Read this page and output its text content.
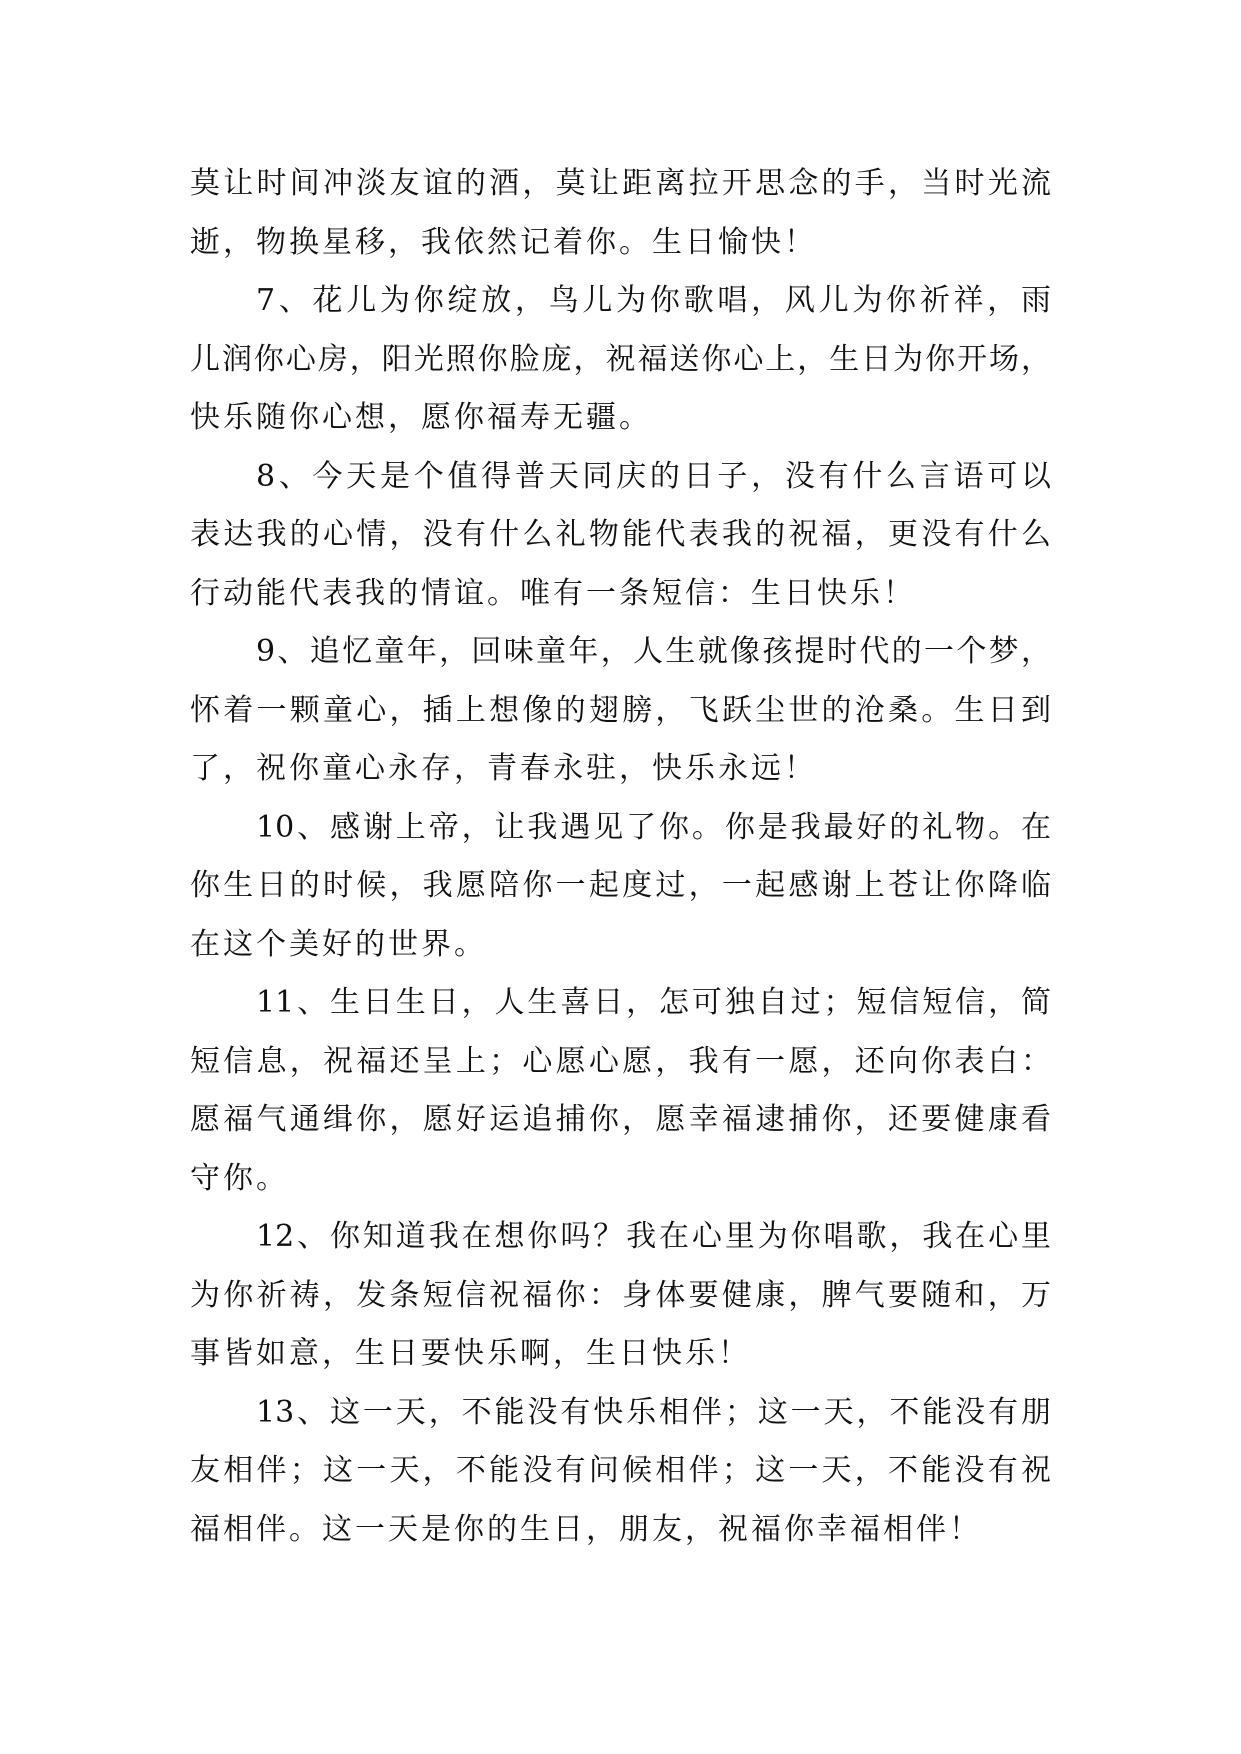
莫让时间冲淡友谊的酒，莫让距离拉开思念的手，当时光流
逝，物换星移，我依然记着你。生日愉快！
7、花儿为你绽放，鸟儿为你歌唱，风儿为你祈祥，雨
儿润你心房，阳光照你脸庞，祝福送你心上，生日为你开场，
快乐随你心想，愿你福寿无疆。
8、今天是个值得普天同庆的日子，没有什么言语可以
表达我的心情，没有什么礼物能代表我的祝福，更没有什么
行动能代表我的情谊。唯有一条短信：生日快乐！
9、追忆童年，回味童年，人生就像孩提时代的一个梦，
怀着一颗童心，插上想像的翅膀，飞跃尘世的沧桑。生日到
了，祝你童心永存，青春永驻，快乐永远！
10、感谢上帝，让我遇见了你。你是我最好的礼物。在
你生日的时候，我愿陪你一起度过，一起感谢上苍让你降临
在这个美好的世界。
11、生日生日，人生喜日，怎可独自过；短信短信，简
短信息，祝福还呈上；心愿心愿，我有一愿，还向你表白：
愿福气通缉你，愿好运追捕你，愿幸福逮捕你，还要健康看
守你。
12、你知道我在想你吗？我在心里为你唱歌，我在心里
为你祈祷，发条短信祝福你：身体要健康，脾气要随和，万
事皆如意，生日要快乐啊，生日快乐！
13、这一天，不能没有快乐相伴；这一天，不能没有朋
友相伴；这一天，不能没有问候相伴；这一天，不能没有祝
福相伴。这一天是你的生日，朋友，祝福你幸福相伴！
